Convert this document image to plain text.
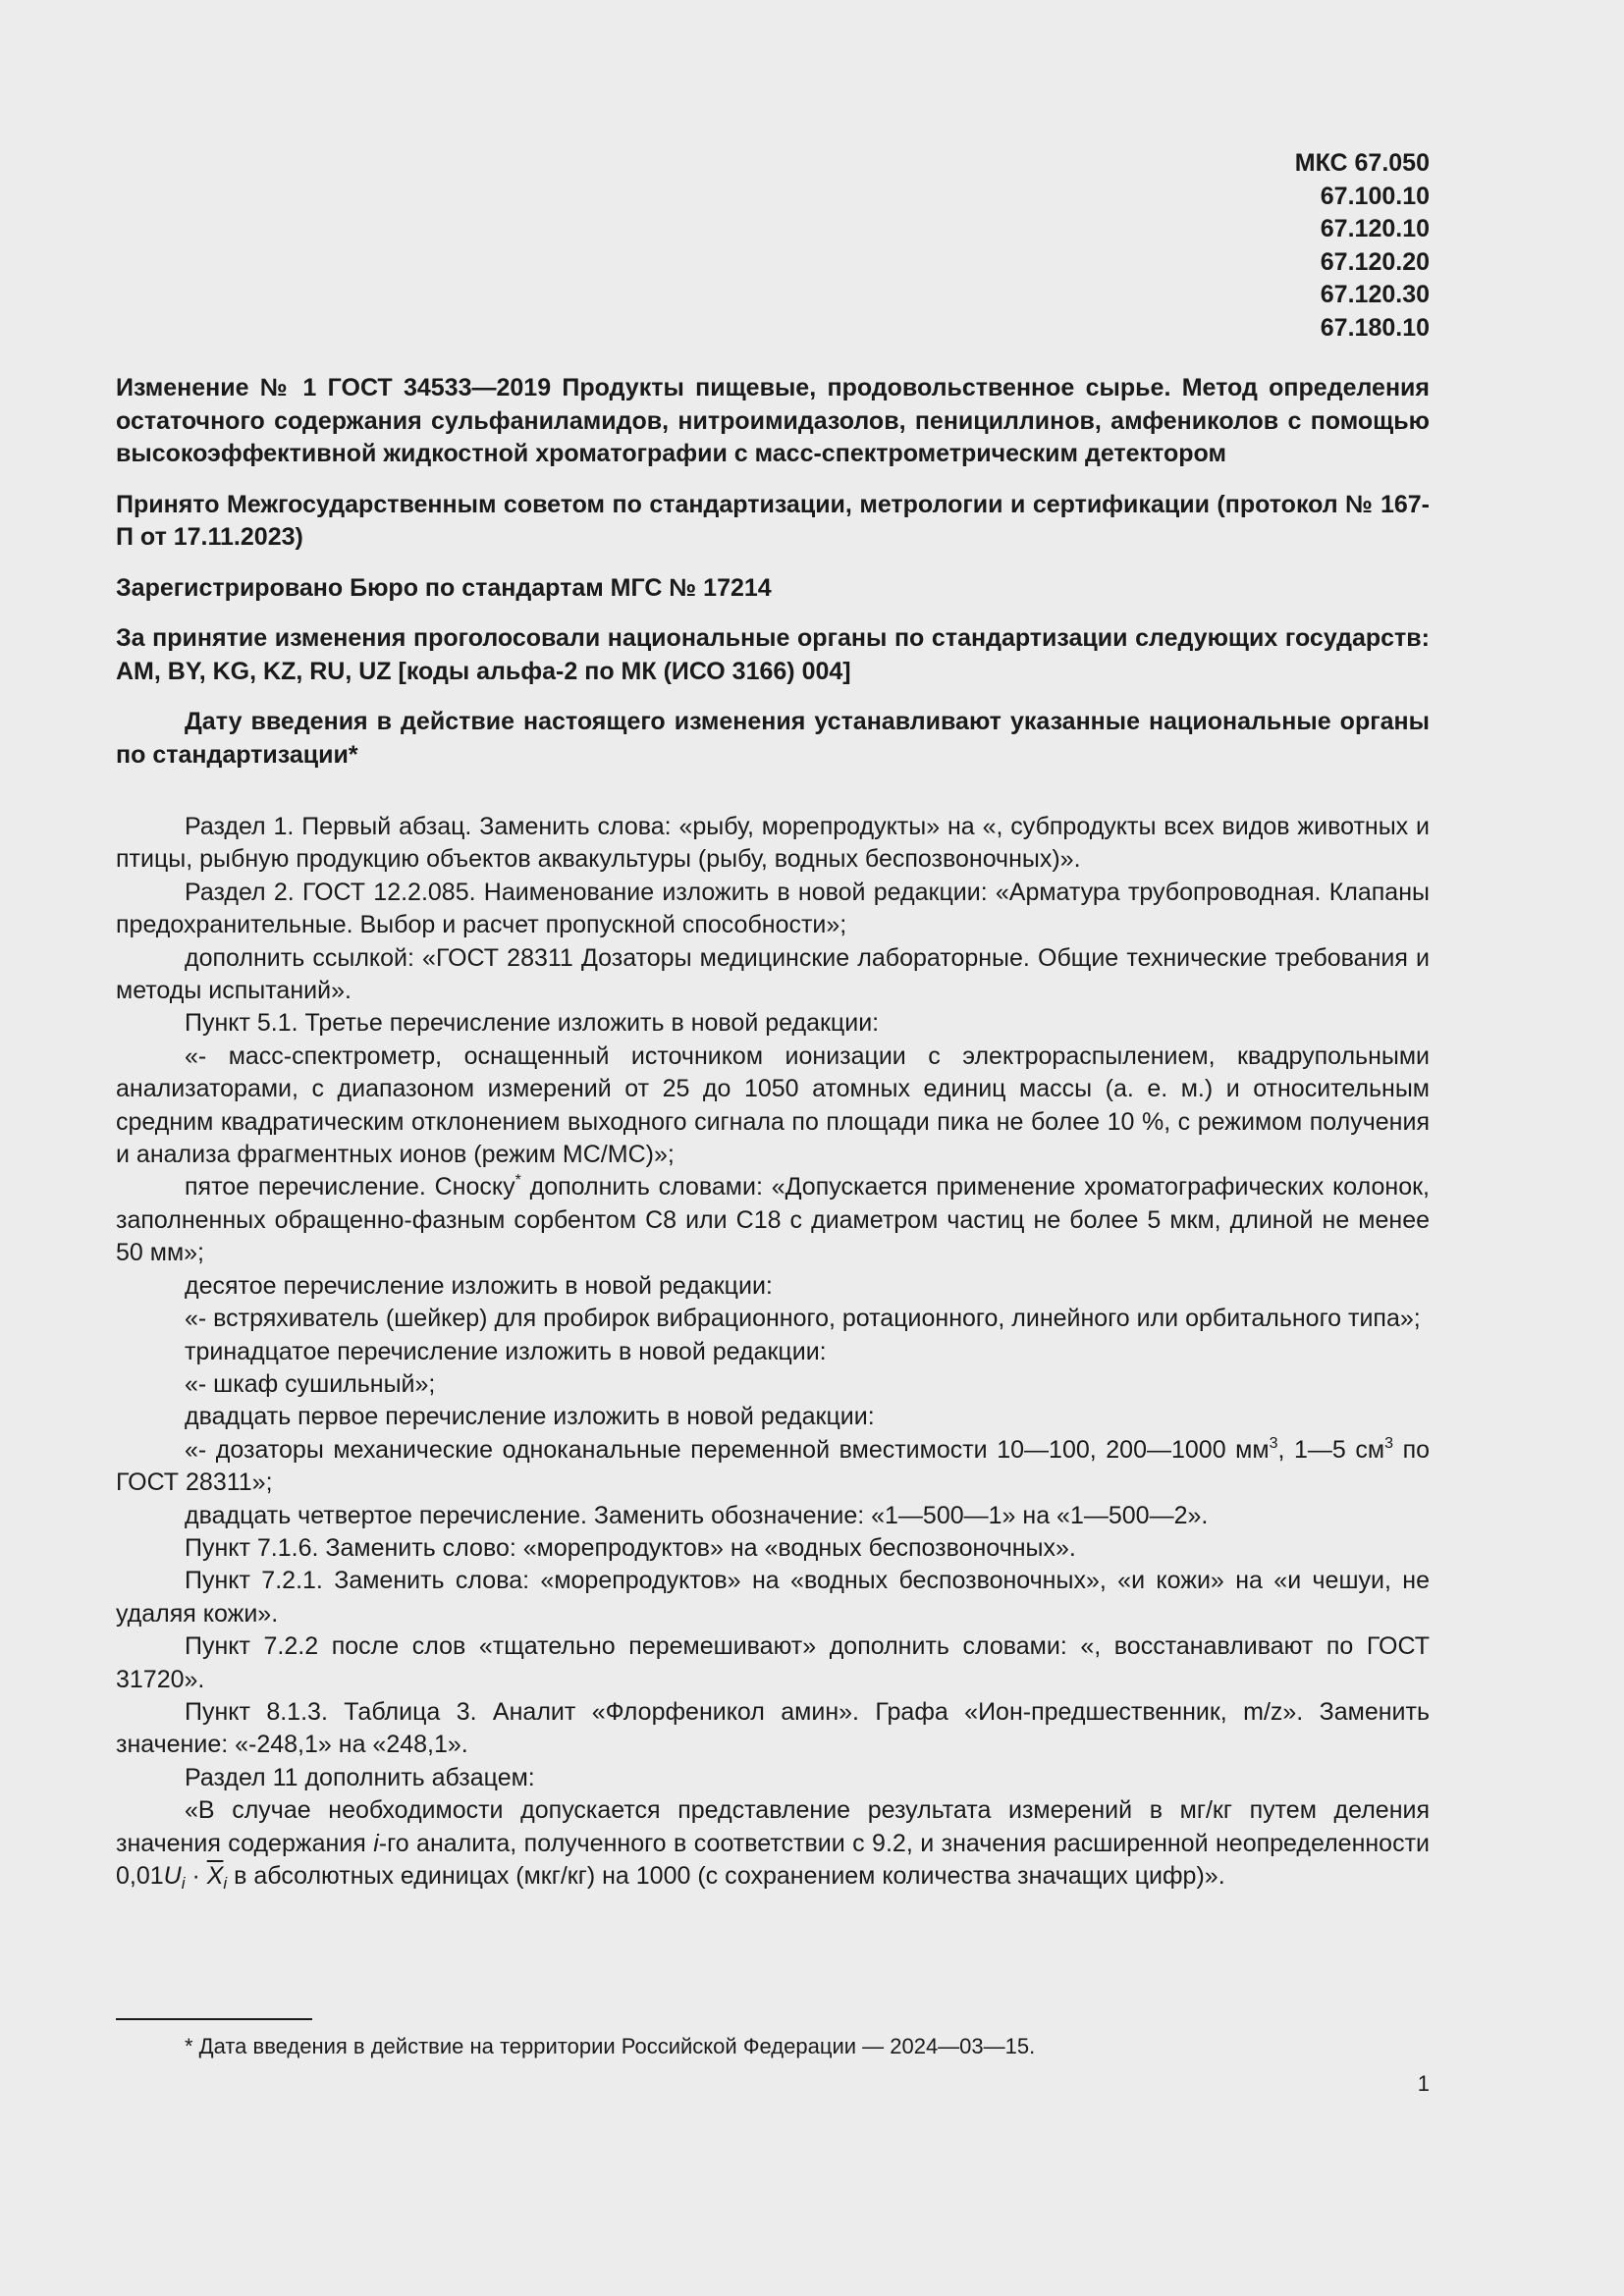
МКС 67.050
67.100.10
67.120.10
67.120.20
67.120.30
67.180.10

Изменение № 1 ГОСТ 34533—2019 Продукты пищевые, продовольственное сырье. Метод определения остаточного содержания сульфаниламидов, нитроимидазолов, пенициллинов, амфениколов с помощью высокоэффективной жидкостной хроматографии с масс-спектрометрическим детектором

Принято Межгосударственным советом по стандартизации, метрологии и сертификации (протокол № 167-П от 17.11.2023)

Зарегистрировано Бюро по стандартам МГС № 17214

За принятие изменения проголосовали национальные органы по стандартизации следующих государств: AM, BY, KG, KZ, RU, UZ [коды альфа-2 по МК (ИСО 3166) 004]

Дату введения в действие настоящего изменения устанавливают указанные национальные органы по стандартизации*

Раздел 1. Первый абзац. Заменить слова: «рыбу, морепродукты» на «, субпродукты всех видов животных и птицы, рыбную продукцию объектов аквакультуры (рыбу, водных беспозвоночных)».

Раздел 2. ГОСТ 12.2.085. Наименование изложить в новой редакции: «Арматура трубопроводная. Клапаны предохранительные. Выбор и расчет пропускной способности»;

дополнить ссылкой: «ГОСТ 28311 Дозаторы медицинские лабораторные. Общие технические требования и методы испытаний».

Пункт 5.1. Третье перечисление изложить в новой редакции:

«- масс-спектрометр, оснащенный источником ионизации с электрораспылением, квадрупольными анализаторами, с диапазоном измерений от 25 до 1050 атомных единиц массы (а. е. м.) и относительным средним квадратическим отклонением выходного сигнала по площади пика не более 10 %, с режимом получения и анализа фрагментных ионов (режим МС/МС)»;

пятое перечисление. Сноску* дополнить словами: «Допускается применение хроматографических колонок, заполненных обращенно-фазным сорбентом С8 или С18 с диаметром частиц не более 5 мкм, длиной не менее 50 мм»;

десятое перечисление изложить в новой редакции:

«- встряхиватель (шейкер) для пробирок вибрационного, ротационного, линейного или орбитального типа»;

тринадцатое перечисление изложить в новой редакции:

«- шкаф сушильный»;

двадцать первое перечисление изложить в новой редакции:

«- дозаторы механические одноканальные переменной вместимости 10—100, 200—1000 $мм^3$, 1—5 $см^3$ по ГОСТ 28311»;

двадцать четвертое перечисление. Заменить обозначение: «1—500—1» на «1—500—2».

Пункт 7.1.6. Заменить слово: «морепродуктов» на «водных беспозвоночных».

Пункт 7.2.1. Заменить слова: «морепродуктов» на «водных беспозвоночных», «и кожи» на «и чешуи, не удаляя кожи».

Пункт 7.2.2 после слов «тщательно перемешивают» дополнить словами: «, восстанавливают по ГОСТ 31720».

Пункт 8.1.3. Таблица 3. Аналит «Флорфеникол амин». Графа «Ион-предшественник, m/z». Заменить значение: «-248,1» на «248,1».

Раздел 11 дополнить абзацем:

«В случае необходимости допускается представление результата измерений в мг/кг путем деления значения содержания i-го аналита, полученного в соответствии с 9.2, и значения расширенной неопределенности $0,01U_i \cdot \overline{X}_i$ в абсолютных единицах (мкг/кг) на 1000 (с сохранением количества значащих цифр)».

* Дата введения в действие на территории Российской Федерации — 2024—03—15.
1
